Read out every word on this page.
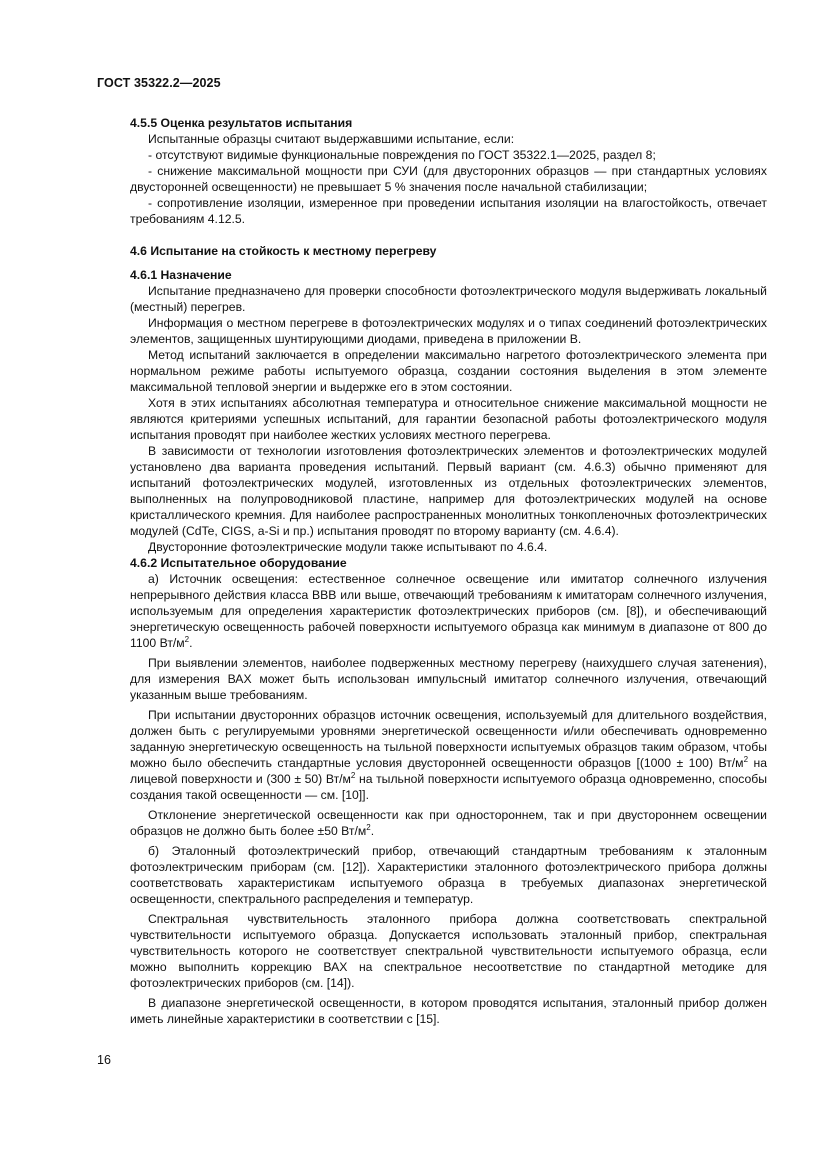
ГОСТ 35322.2—2025
4.5.5 Оценка результатов испытания

Испытанные образцы считают выдержавшими испытание, если:

- отсутствуют видимые функциональные повреждения по ГОСТ 35322.1—2025, раздел 8;

- снижение максимальной мощности при СУИ (для двусторонних образцов — при стандартных условиях двусторонней освещенности) не превышает 5 % значения после начальной стабилизации;

- сопротивление изоляции, измеренное при проведении испытания изоляции на влагостойкость, отвечает требованиям 4.12.5.

4.6 Испытание на стойкость к местному перегреву
4.6.1 Назначение

Испытание предназначено для проверки способности фотоэлектрического модуля выдерживать локальный (местный) перегрев.

Информация о местном перегреве в фотоэлектрических модулях и о типах соединений фотоэлектрических элементов, защищенных шунтирующими диодами, приведена в приложении В.

Метод испытаний заключается в определении максимально нагретого фотоэлектрического элемента при нормальном режиме работы испытуемого образца, создании состояния выделения в этом элементе максимальной тепловой энергии и выдержке его в этом состоянии.

Хотя в этих испытаниях абсолютная температура и относительное снижение максимальной мощности не являются критериями успешных испытаний, для гарантии безопасной работы фотоэлектрического модуля испытания проводят при наиболее жестких условиях местного перегрева.

В зависимости от технологии изготовления фотоэлектрических элементов и фотоэлектрических модулей установлено два варианта проведения испытаний. Первый вариант (см. 4.6.3) обычно применяют для испытаний фотоэлектрических модулей, изготовленных из отдельных фотоэлектрических элементов, выполненных на полупроводниковой пластине, например для фотоэлектрических модулей на основе кристаллического кремния. Для наиболее распространенных монолитных тонкопленочных фотоэлектрических модулей (CdTe, CIGS, a-Si и пр.) испытания проводят по второму варианту (см. 4.6.4).

Двусторонние фотоэлектрические модули также испытывают по 4.6.4.

4.6.2 Испытательное оборудование

а) Источник освещения: естественное солнечное освещение или имитатор солнечного излучения непрерывного действия класса BBB или выше, отвечающий требованиям к имитаторам солнечного излучения, используемым для определения характеристик фотоэлектрических приборов (см. [8]), и обеспечивающий энергетическую освещенность рабочей поверхности испытуемого образца как минимум в диапазоне от 800 до 1100 $Вт/м^2$.

При выявлении элементов, наиболее подверженных местному перегреву (наихудшего случая затенения), для измерения ВАХ может быть использован импульсный имитатор солнечного излучения, отвечающий указанным выше требованиям.

При испытании двусторонних образцов источник освещения, используемый для длительного воздействия, должен быть с регулируемыми уровнями энергетической освещенности и/или обеспечивать одновременно заданную энергетическую освещенность на тыльной поверхности испытуемых образцов таким образом, чтобы можно было обеспечить стандартные условия двусторонней освещенности образцов [(1000 ± 100) $Вт/м^2$ на лицевой поверхности и (300 ± 50) $Вт/м^2$ на тыльной поверхности испытуемого образца одновременно, способы создания такой освещенности — см. [10]].

Отклонение энергетической освещенности как при одностороннем, так и при двустороннем освещении образцов не должно быть более ±50 $Вт/м^2$.

б) Эталонный фотоэлектрический прибор, отвечающий стандартным требованиям к эталонным фотоэлектрическим приборам (см. [12]). Характеристики эталонного фотоэлектрического прибора должны соответствовать характеристикам испытуемого образца в требуемых диапазонах энергетической освещенности, спектрального распределения и температур.

Спектральная чувствительность эталонного прибора должна соответствовать спектральной чувствительности испытуемого образца. Допускается использовать эталонный прибор, спектральная чувствительность которого не соответствует спектральной чувствительности испытуемого образца, если можно выполнить коррекцию ВАХ на спектральное несоответствие по стандартной методике для фотоэлектрических приборов (см. [14]).

В диапазоне энергетической освещенности, в котором проводятся испытания, эталонный прибор должен иметь линейные характеристики в соответствии с [15].

16
